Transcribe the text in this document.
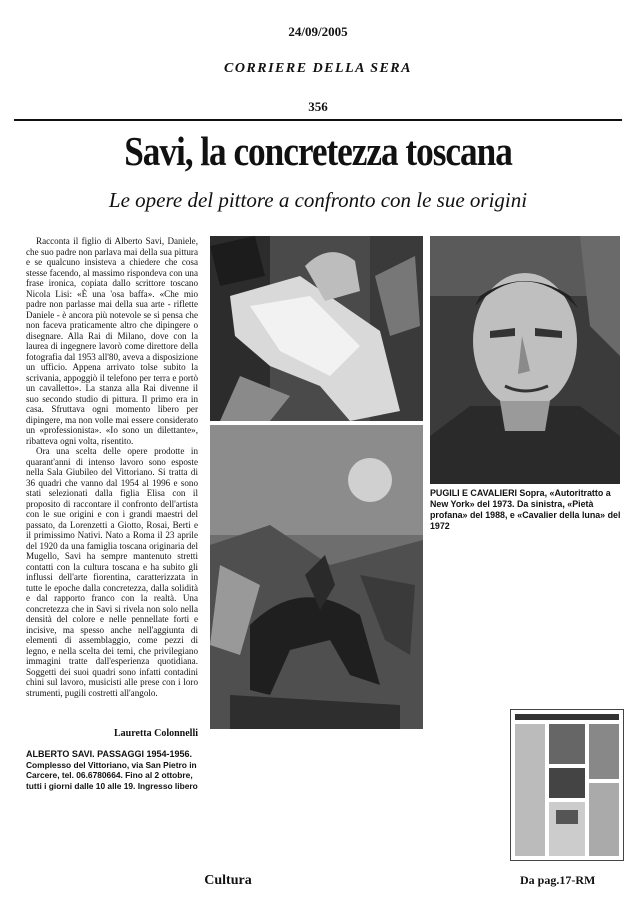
24/09/2005
CORRIERE DELLA SERA
356
Savi, la concretezza toscana
Le opere del pittore a confronto con le sue origini

Racconta il figlio di Alberto Savi, Daniele, che suo padre non parlava mai della sua pittura e se qualcuno insisteva a chiedere che cosa stesse facendo, al massimo rispondeva con una frase ironica, copiata dallo scrittore toscano Nicola Lisi: «È una 'osa baffa». «Che mio padre non parlasse mai della sua arte - riflette Daniele - è ancora più notevole se si pensa che non faceva praticamente altro che dipingere o disegnare. Alla Rai di Milano, dove con la laurea di ingegnere lavorò come direttore della fotografia dal 1953 all'80, aveva a disposizione un ufficio. Appena arrivato tolse subito la scrivania, appoggiò il telefono per terra e portò un cavalletto». La stanza alla Rai divenne il suo secondo studio di pittura. Il primo era in casa. Sfruttava ogni momento libero per dipingere, ma non volle mai essere considerato un «professionista». «Io sono un dilettante», ribatteva ogni volta, risentito.

Ora una scelta delle opere prodotte in quarant'anni di intenso lavoro sono esposte nella Sala Giubileo del Vittoriano. Si tratta di 36 quadri che vanno dal 1954 al 1996 e sono stati selezionati dalla figlia Elisa con il proposito di raccontare il confronto dell'artista con le sue origini e con i grandi maestri del passato, da Lorenzetti a Giotto, Rosai, Berti e il primissimo Nativi. Nato a Roma il 23 aprile del 1920 da una famiglia toscana originaria del Mugello, Savi ha sempre mantenuto stretti contatti con la cultura toscana e ha subito gli influssi dell'arte fiorentina, caratterizzata in tutte le epoche dalla concretezza, dalla solidità e dal rapporto franco con la realtà. Una concretezza che in Savi si rivela non solo nella densità del colore e nelle pennellate forti e incisive, ma spesso anche nell'aggiunta di elementi di assemblaggio, come pezzi di legno, e nella scelta dei temi, che privilegiano immagini tratte dall'esperienza quotidiana. Soggetti dei suoi quadri sono infatti contadini chini sul lavoro, musicisti alle prese con i loro strumenti, pugili costretti all'angolo.

Lauretta Colonnelli
ALBERTO SAVI. PASSAGGI 1954-1956.
Complesso del Vittoriano, via San Pietro in Carcere, tel. 06.6780664. Fino al 2 ottobre, tutti i giorni dalle 10 alle 19. Ingresso libero
PUGILI E CAVALIERI Sopra, «Autoritratto a New York» del 1973. Da sinistra, «Pietà profana» del 1988, e «Cavalier della luna» del 1972
Cultura	Da pag.17-RM
